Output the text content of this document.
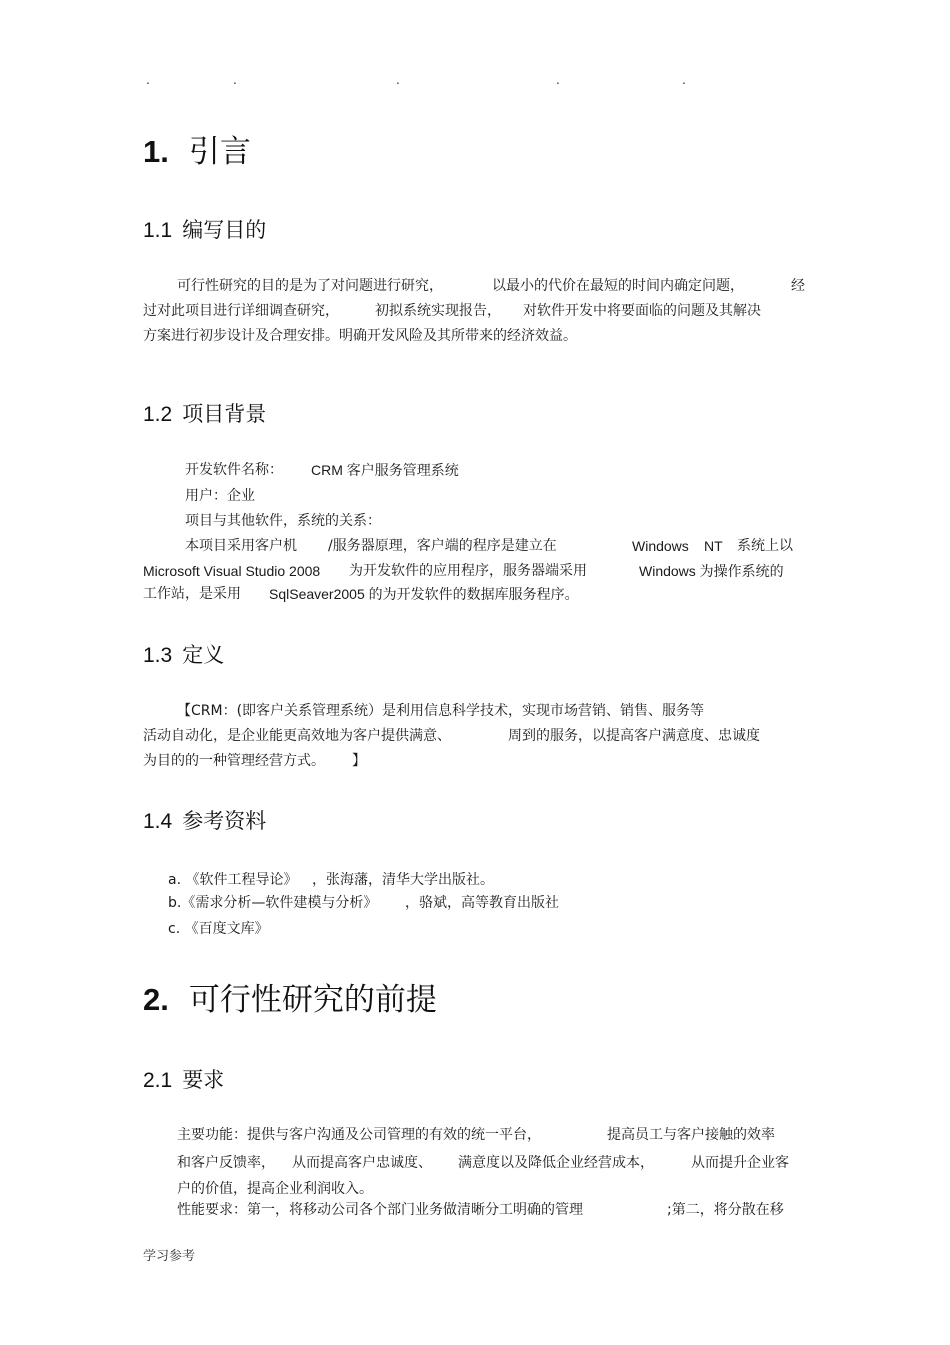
.	.	.	.	.
1. 引言
1.1 编写目的
可行性研究的目的是为了对问题进行研究，	以最小的代价在最短的时间内确定问题，	经
过对此项目进行详细调查研究，	初拟系统实现报告， 对软件开发中将要面临的问题及其解决
方案进行初步设计及合理安排。明确开发风险及其所带来的经济效益。
1.2 项目背景
开发软件名称： CRM 客户服务管理系统
用户：企业
项目与其他软件，系统的关系：
本项目采用客户机 /服务器原理，客户端的程序是建立在	Windows NT 系统上以
Microsoft Visual Studio 2008 为开发软件的应用程序，服务器端采用	Windows 为操作系统的
工作站，是采用 SqlSeaver2005 的为开发软件的数据库服务程序。
1.3 定义
【CRM：(即客户关系管理系统）是利用信息科学技术，实现市场营销、销售、服务等
活动自动化，是企业能更高效地为客户提供满意、	周到的服务，以提高客户满意度、忠诚度
为目的的一种管理经营方式。 】
1.4 参考资料
a. 《软件工程导论》 ，张海藩，清华大学出版社。
b.《需求分析—软件建模与分析》 ，骆斌，高等教育出版社
c. 《百度文库》
2. 可行性研究的前提
2.1 要求
主要功能：提供与客户沟通及公司管理的有效的统一平台，	提高员工与客户接触的效率
和客户反馈率， 从而提高客户忠诚度、 满意度以及降低企业经营成本，	从而提升企业客
户的价值，提高企业利润收入。
性能要求：第一，将移动公司各个部门业务做清晰分工明确的管理	;第二，将分散在移
学习参考
